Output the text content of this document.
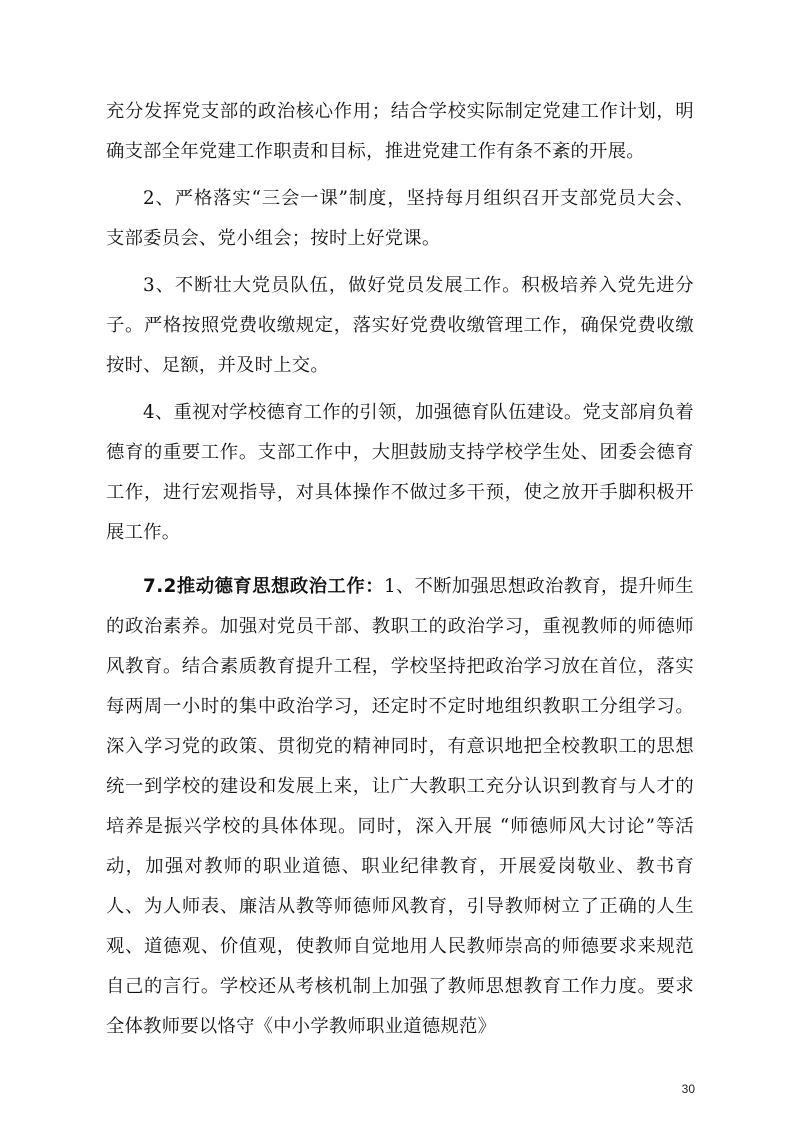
充分发挥党支部的政治核心作用；结合学校实际制定党建工作计划，明确支部全年党建工作职责和目标，推进党建工作有条不紊的开展。

2、严格落实“三会一课”制度，坚持每月组织召开支部党员大会、支部委员会、党小组会；按时上好党课。

3、不断壮大党员队伍，做好党员发展工作。积极培养入党先进分子。严格按照党费收缴规定，落实好党费收缴管理工作，确保党费收缴按时、足额，并及时上交。

4、重视对学校德育工作的引领，加强德育队伍建设。党支部肩负着德育的重要工作。支部工作中，大胆鼓励支持学校学生处、团委会德育工作，进行宏观指导，对具体操作不做过多干预，使之放开手脚积极开展工作。

7.2推动德育思想政治工作：1、不断加强思想政治教育，提升师生的政治素养。加强对党员干部、教职工的政治学习，重视教师的师德师风教育。结合素质教育提升工程，学校坚持把政治学习放在首位，落实每两周一小时的集中政治学习，还定时不定时地组织教职工分组学习。深入学习党的政策、贯彻党的精神同时，有意识地把全校教职工的思想统一到学校的建设和发展上来，让广大教职工充分认识到教育与人才的培养是振兴学校的具体体现。同时，深入开展 “师德师风大讨论”等活动，加强对教师的职业道德、职业纪律教育，开展爱岗敬业、教书育人、为人师表、廉洁从教等师德师风教育，引导教师树立了正确的人生观、道德观、价值观，使教师自觉地用人民教师崇高的师德要求来规范自己的言行。学校还从考核机制上加强了教师思想教育工作力度。要求全体教师要以恪守《中小学教师职业道德规范》

30
